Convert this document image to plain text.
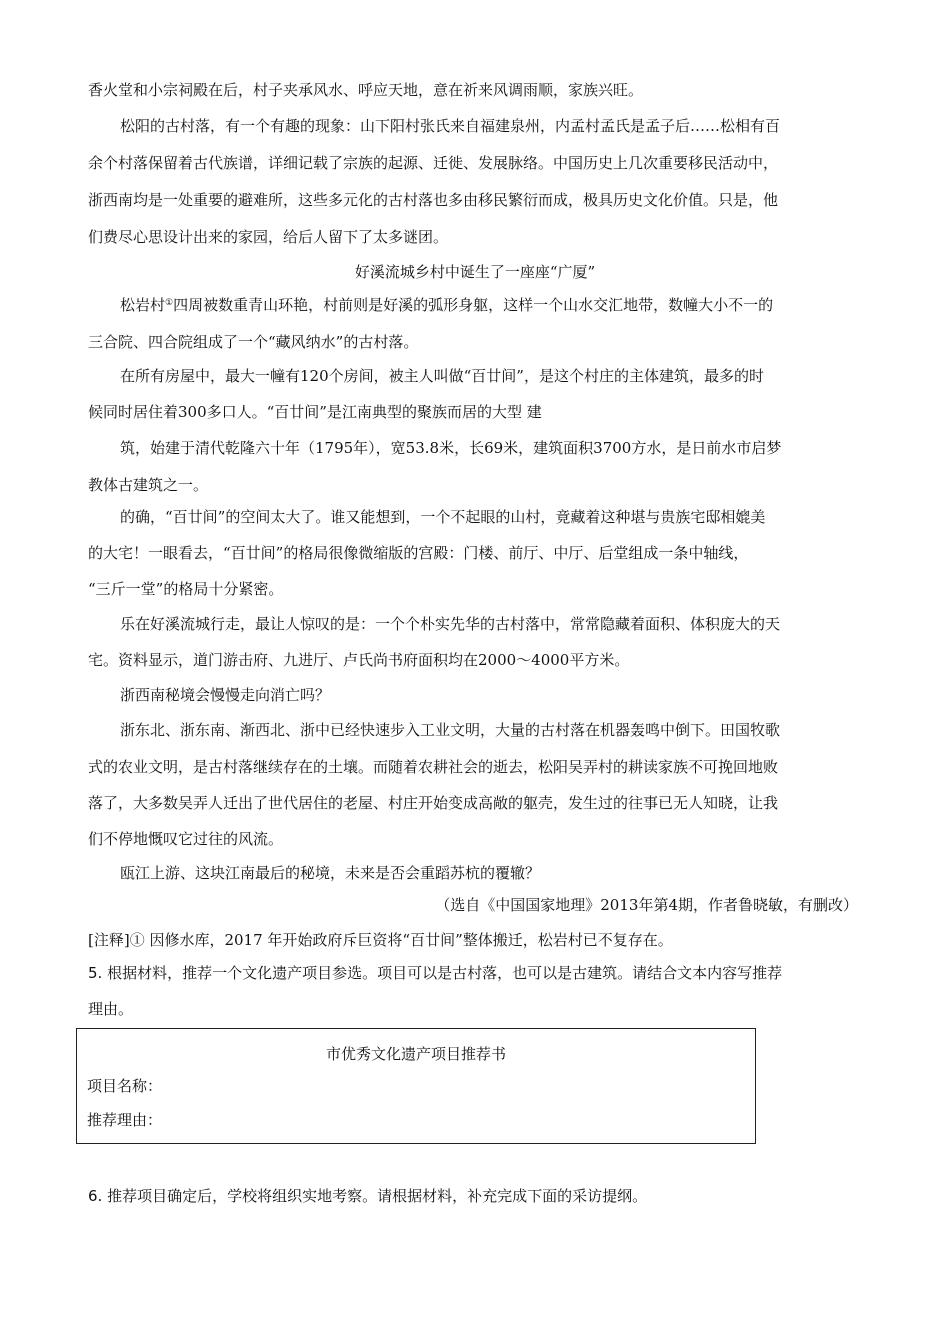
香火堂和小宗祠殿在后，村子夹承风水、呼应天地，意在祈来风调雨顺，家族兴旺。
松阳的古村落，有一个有趣的现象：山下阳村张氏来自福建泉州，内孟村孟氏是孟子后……松相有百
余个村落保留着古代族谱，详细记载了宗族的起源、迁徙、发展脉络。中国历史上几次重要移民活动中，
浙西南均是一处重要的避难所，这些多元化的古村落也多由移民繁衍而成，极具历史文化价值。只是，他
们费尽心思设计出来的家园，给后人留下了太多谜团。
好溪流城乡村中诞生了一座座“广厦”
松岩村①四周被数重青山环艳，村前则是好溪的弧形身躯，这样一个山水交汇地带，数幢大小不一的
三合院、四合院组成了一个“藏风纳水”的古村落。
在所有房屋中，最大一幢有120个房间，被主人叫做“百廿间”，是这个村庄的主体建筑，最多的时
候同时居住着300多口人。“百廿间”是江南典型的聚族而居的大型 建
筑，始建于清代乾隆六十年（1795年），宽53.8米，长69米，建筑面积3700方水，是日前水市启梦
教体古建筑之一。
的确，“百廿间”的空间太大了。谁又能想到，一个不起眼的山村，竟藏着这种堪与贵族宅邸相媲美
的大宅！一眼看去，“百廿间”的格局很像微缩版的宫殿：门楼、前厅、中厅、后堂组成一条中轴线，
“三斤一堂”的格局十分紧密。
乐在好溪流城行走，最让人惊叹的是：一个个朴实先华的古村落中，常常隐藏着面积、体积庞大的天
宅。资料显示，道门游击府、九进厅、卢氏尚书府面积均在2000～4000平方米。
浙西南秘境会慢慢走向消亡吗？
浙东北、浙东南、渐西北、浙中已经快速步入工业文明，大量的古村落在机器轰鸣中倒下。田国牧歌
式的农业文明，是古村落继续存在的土壤。而随着农耕社会的逝去，松阳吴弄村的耕读家族不可挽回地败
落了，大多数吴弄人迁出了世代居住的老屋、村庄开始变成高敞的躯壳，发生过的往事已无人知晓，让我
们不停地慨叹它过往的风流。
瓯江上游、这块江南最后的秘境，未来是否会重蹈苏杭的覆辙？
（选自《中国国家地理》2013年第4期，作者鲁晓敏，有删改）
[注释]① 因修水库，2017 年开始政府斥巨资将“百廿间”整体搬迁，松岩村已不复存在。
5. 根据材料，推荐一个文化遗产项目参选。项目可以是古村落，也可以是古建筑。请结合文本内容写推荐
理由。
市优秀文化遗产项目推荐书
项目名称：
推荐理由：
6. 推荐项目确定后，学校将组织实地考察。请根据材料，补充完成下面的采访提纲。
